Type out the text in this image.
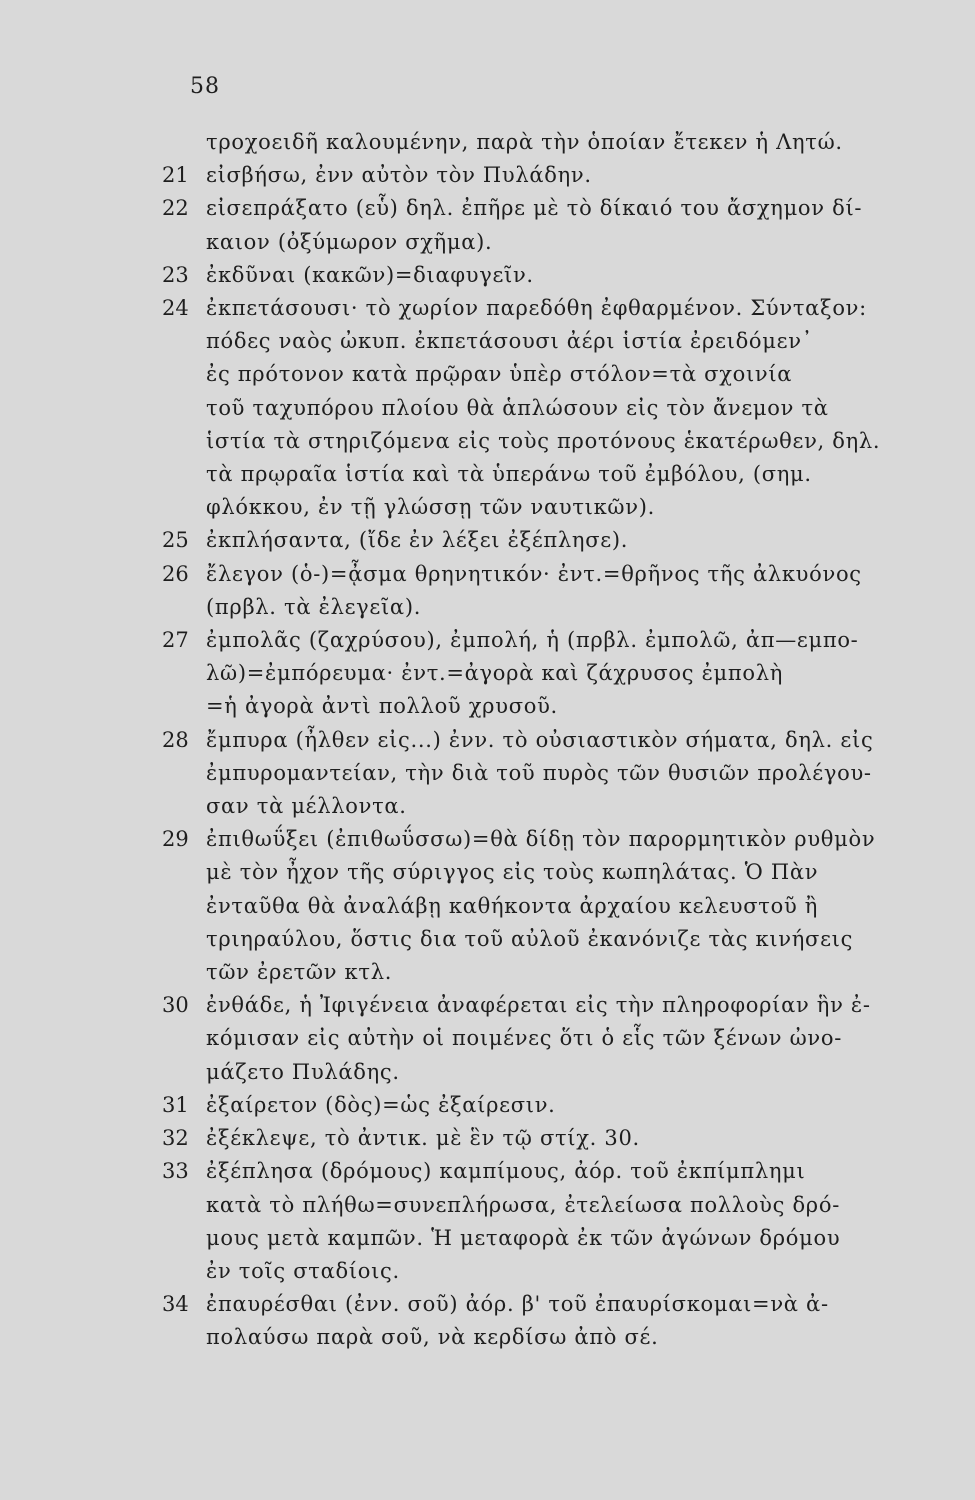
58
τροχοειδῆ καλουμένην, παρὰ τὴν ὁποίαν ἔτεκεν ἡ Λητώ.
21 εἰσβήσω, ἐνν αὐτὸν τὸν Πυλάδην.
22 εἰσεπράξατο (εὗ) δηλ. ἐπῆρε μὲ τὸ δίκαιό του ἄσχημον δί-
καιον (ὀξύμωρον σχῆμα).
23 ἐκδῦναι (κακῶν)=διαφυγεῖν.
24 ἐκπετάσουσι· τὸ χωρίον παρεδόθη ἐφθαρμένον. Σύνταξον:
πόδες ναὸς ὠκυπ. ἐκπετάσουσι ἀέρι ἱστία ἐρειδόμεν᾽
ἐς πρότονον κατὰ πρῷραν ὑπὲρ στόλον=τὰ σχοινία
τοῦ ταχυπόρου πλοίου θὰ ἁπλώσουν εἰς τὸν ἄνεμον τὰ
ἱστία τὰ στηριζόμενα εἰς τοὺς προτόνους ἑκατέρωθεν, δηλ.
τὰ πρῳραῖα ἱστία καὶ τὰ ὑπεράνω τοῦ ἐμβόλου, (σημ.
φλόκκου, ἐν τῇ γλώσσῃ τῶν ναυτικῶν).
25 ἐκπλήσαντα, (ἴδε ἐν λέξει ἐξέπλησε).
26 ἔλεγον (ὁ-)=ᾆσμα θρηνητικόν· ἐντ.=θρῆνος τῆς ἀλκυόνος
(πρβλ. τὰ ἐλεγεῖα).
27 ἐμπολᾶς (ζαχρύσου), ἐμπολή, ἡ (πρβλ. ἐμπολῶ, ἀπ—εμπο-
λῶ)=ἐμπόρευμα· ἐντ.=ἀγορὰ καὶ ζάχρυσος ἐμπολὴ
=ἡ ἀγορὰ ἀντὶ πολλοῦ χρυσοῦ.
28 ἔμπυρα (ἦλθεν εἰς...) ἐνν. τὸ οὐσιαστικὸν σήματα, δηλ. εἰς
ἐμπυρομαντείαν, τὴν διὰ τοῦ πυρὸς τῶν θυσιῶν προλέγου-
σαν τὰ μέλλοντα.
29 ἐπιθωΰξει (ἐπιθωΰσσω)=θὰ δίδῃ τὸν παρορμητικὸν ρυθμὸν
μὲ τὸν ἦχον τῆς σύριγγος εἰς τοὺς κωπηλάτας. Ὁ Πὰν
ἐνταῦθα θὰ ἀναλάβῃ καθήκοντα ἀρχαίου κελευστοῦ ἢ
τριηραύλου, ὅστις δια τοῦ αὐλοῦ ἐκανόνιζε τὰς κινήσεις
τῶν ἐρετῶν κτλ.
30 ἐνθάδε, ἡ Ἰφιγένεια ἀναφέρεται εἰς τὴν πληροφορίαν ἣν ἐ-
κόμισαν εἰς αὐτὴν οἱ ποιμένες ὅτι ὁ εἷς τῶν ξένων ὠνο-
μάζετο Πυλάδης.
31 ἐξαίρετον (δὸς)=ὡς ἐξαίρεσιν.
32 ἐξέκλεψε, τὸ ἀντικ. μὲ ἓν τῷ στίχ. 30.
33 ἐξέπλησα (δρόμους) καμπίμους, ἀόρ. τοῦ ἐκπίμπλημι
κατὰ τὸ πλήθω=συνεπλήρωσα, ἐτελείωσα πολλοὺς δρό-
μους μετὰ καμπῶν. Ἡ μεταφορὰ ἐκ τῶν ἀγώνων δρόμου
ἐν τοῖς σταδίοις.
34 ἐπαυρέσθαι (ἐνν. σοῦ) ἀόρ. β' τοῦ ἐπαυρίσκομαι=νὰ ἀ-
πολαύσω παρὰ σοῦ, νὰ κερδίσω ἀπὸ σέ.
